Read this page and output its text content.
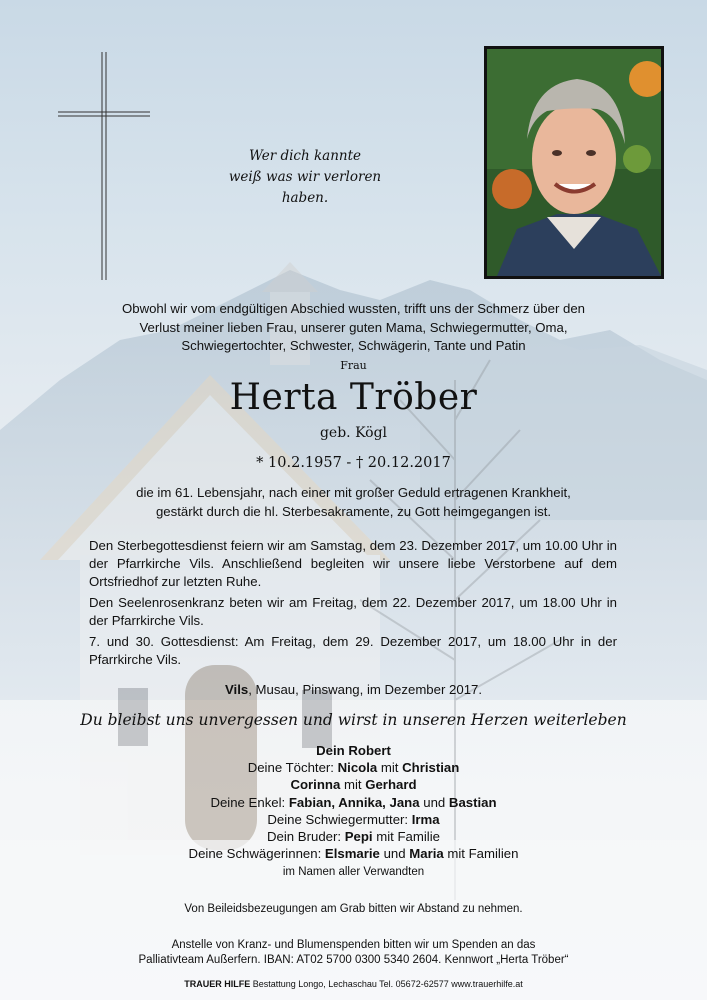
Wer dich kannte
weiß was wir verloren haben.
Obwohl wir vom endgültigen Abschied wussten, trifft uns der Schmerz über den
Verlust meiner lieben Frau, unserer guten Mama, Schwiegermutter, Oma,
Schwiegertochter, Schwester, Schwägerin, Tante und Patin
Frau
Herta Tröber
geb. Kögl
* 10.2.1957 - † 20.12.2017
die im 61. Lebensjahr, nach einer mit großer Geduld ertragenen Krankheit,
gestärkt durch die hl. Sterbesakramente, zu Gott heimgegangen ist.
Den Sterbegottesdienst feiern wir am Samstag, dem 23. Dezember 2017, um 10.00 Uhr in der Pfarrkirche Vils. Anschließend begleiten wir unsere liebe Verstorbene auf dem Ortsfriedhof zur letzten Ruhe.
Den Seelenrosenkranz beten wir am Freitag, dem 22. Dezember 2017, um 18.00 Uhr in der Pfarrkirche Vils.
7. und 30. Gottesdienst: Am Freitag, dem 29. Dezember 2017, um 18.00 Uhr in der Pfarrkirche Vils.
Vils, Musau, Pinswang, im Dezember 2017.
Du bleibst uns unvergessen und wirst in unseren Herzen weiterleben
Dein Robert
Deine Töchter: Nicola mit Christian
Corinna mit Gerhard
Deine Enkel: Fabian, Annika, Jana und Bastian
Deine Schwiegermutter: Irma
Dein Bruder: Pepi mit Familie
Deine Schwägerinnen: Elsmarie und Maria mit Familien
im Namen aller Verwandten
Von Beileidsbezeugungen am Grab bitten wir Abstand zu nehmen.
Anstelle von Kranz- und Blumenspenden bitten wir um Spenden an das
Palliativteam Außerfern. IBAN: AT02 5700 0300 5340 2604. Kennwort „Herta Tröber“
TRAUER HILFE Bestattung Longo, Lechaschau Tel. 05672-62577 www.trauerhilfe.at
